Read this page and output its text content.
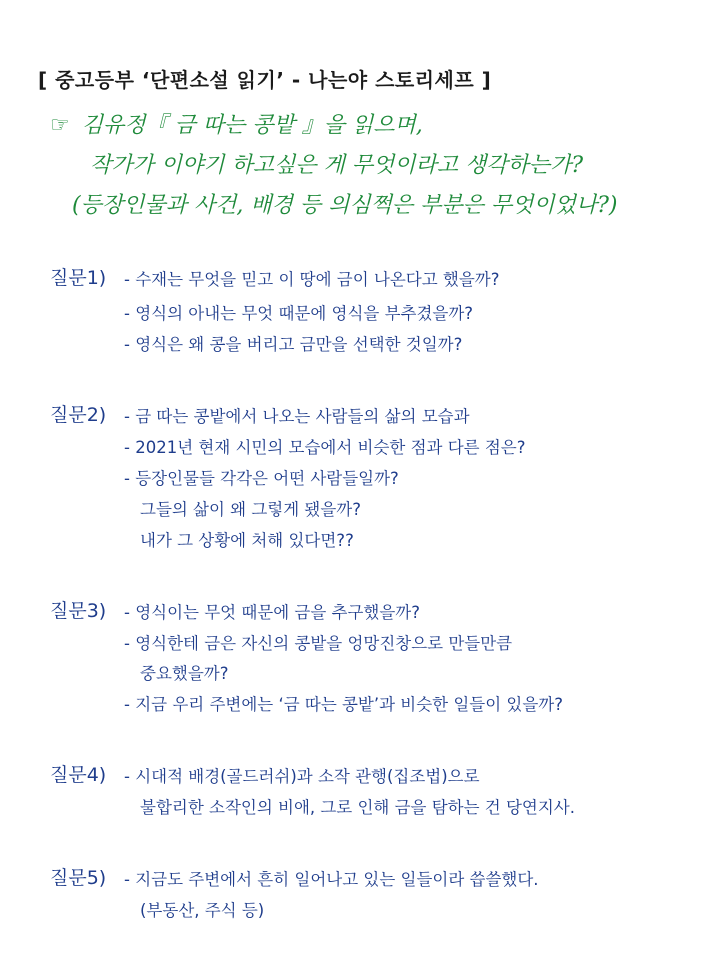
[ 중고등부 ‘단편소설 읽기’ - 나는야 스토리세프 ]
☞ 김유정『 금 따는 콩밭 』을 읽으며,
작가가 이야기 하고싶은 게 무엇이라고 생각하는가?
(등장인물과 사건, 배경 등 의심쩍은 부분은 무엇이었나?)
질문1) - 수재는 무엇을 믿고 이 땅에 금이 나온다고 했을까?
- 영식의 아내는 무엇 때문에 영식을 부추겼을까?
- 영식은 왜 콩을 버리고 금만을 선택한 것일까?
질문2) - 금 따는 콩밭에서 나오는 사람들의 삶의 모습과
- 2021년 현재 시민의 모습에서 비슷한 점과 다른 점은?
- 등장인물들 각각은 어떤 사람들일까?
그들의 삶이 왜 그렇게 됐을까?
내가 그 상황에 처해 있다면??
질문3) - 영식이는 무엇 때문에 금을 추구했을까?
- 영식한테 금은 자신의 콩밭을 엉망진창으로 만들만큼
중요했을까?
- 지금 우리 주변에는 ‘금 따는 콩밭’과 비슷한 일들이 있을까?
질문4) - 시대적 배경(골드러쉬)과 소작 관행(집조법)으로
불합리한 소작인의 비애, 그로 인해 금을 탐하는 건 당연지사.
질문5) - 지금도 주변에서 흔히 일어나고 있는 일들이라 씁쓸했다.
(부동산, 주식 등)
